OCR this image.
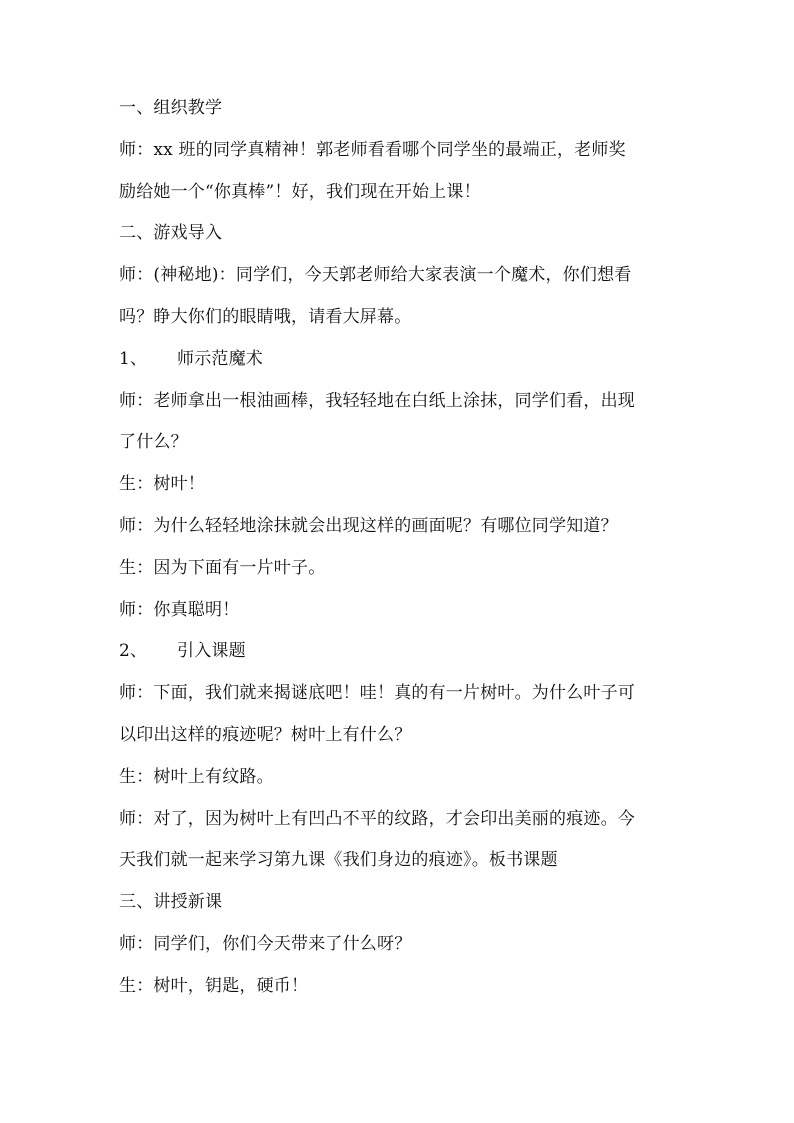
一、组织教学
师：xx 班的同学真精神！郭老师看看哪个同学坐的最端正，老师奖
励给她一个“你真棒”！好，我们现在开始上课！
二、游戏导入
师：(神秘地)：同学们，今天郭老师给大家表演一个魔术，你们想看
吗？睁大你们的眼睛哦，请看大屏幕。
1、 师示范魔术
师：老师拿出一根油画棒，我轻轻地在白纸上涂抹，同学们看，出现
了什么？
生：树叶！
师：为什么轻轻地涂抹就会出现这样的画面呢？有哪位同学知道？
生：因为下面有一片叶子。
师：你真聪明！
2、 引入课题
师：下面，我们就来揭谜底吧！哇！真的有一片树叶。为什么叶子可
以印出这样的痕迹呢？树叶上有什么？
生：树叶上有纹路。
师：对了，因为树叶上有凹凸不平的纹路，才会印出美丽的痕迹。今
天我们就一起来学习第九课《我们身边的痕迹》。板书课题
三、讲授新课
师：同学们，你们今天带来了什么呀？
生：树叶，钥匙，硬币！
